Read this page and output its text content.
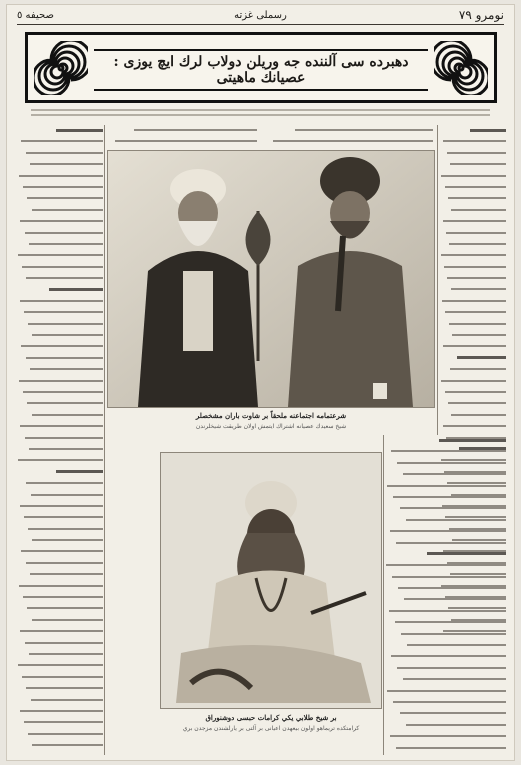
صحيفه ٥	رسملى غزته	نومرو ٧٩
دهبرده سى آلننده جه وريلن دولاب لرك ايچ يوزى : عصيانك ماهيتى
شرعتمامه اجتماعنه ملحقاً بر شاوت باران مشخصلر
شيخ سعيدك عصيانه اشتراك ايتمش اولان طريقت شيخلرندن
بر شيخ طلابي يكي كرامات حبسى دوشنوراق
كرامتكده تريماهو اولون بيعهدن اعيانى بر آلتى بر يارلشندن مزجدن بري
